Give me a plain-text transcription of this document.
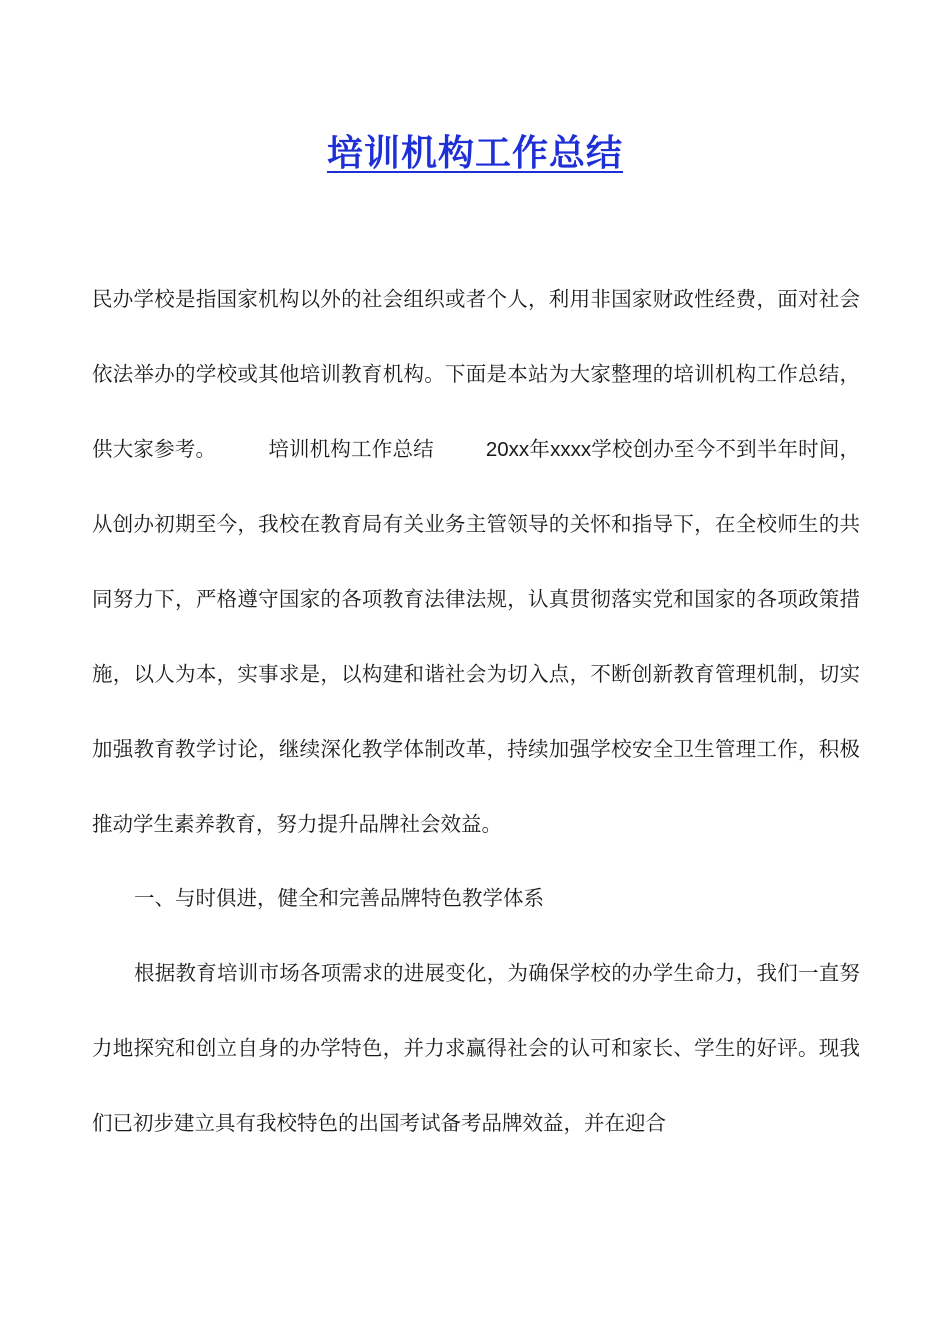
培训机构工作总结

民办学校是指国家机构以外的社会组织或者个人，利用非国家财政性经费，面对社会依法举办的学校或其他培训教育机构。下面是本站为大家整理的培训机构工作总结，供大家参考。	培训机构工作总结	20xx年xxxx学校创办至今不到半年时间，从创办初期至今，我校在教育局有关业务主管领导的关怀和指导下，在全校师生的共同努力下，严格遵守国家的各项教育法律法规，认真贯彻落实党和国家的各项政策措施，以人为本，实事求是，以构建和谐社会为切入点，不断创新教育管理机制，切实加强教育教学讨论，继续深化教学体制改革，持续加强学校安全卫生管理工作，积极推动学生素养教育，努力提升品牌社会效益。

一、与时俱进，健全和完善品牌特色教学体系

根据教育培训市场各项需求的进展变化，为确保学校的办学生命力，我们一直努力地探究和创立自身的办学特色，并力求赢得社会的认可和家长、学生的好评。现我们已初步建立具有我校特色的出国考试备考品牌效益，并在迎合
